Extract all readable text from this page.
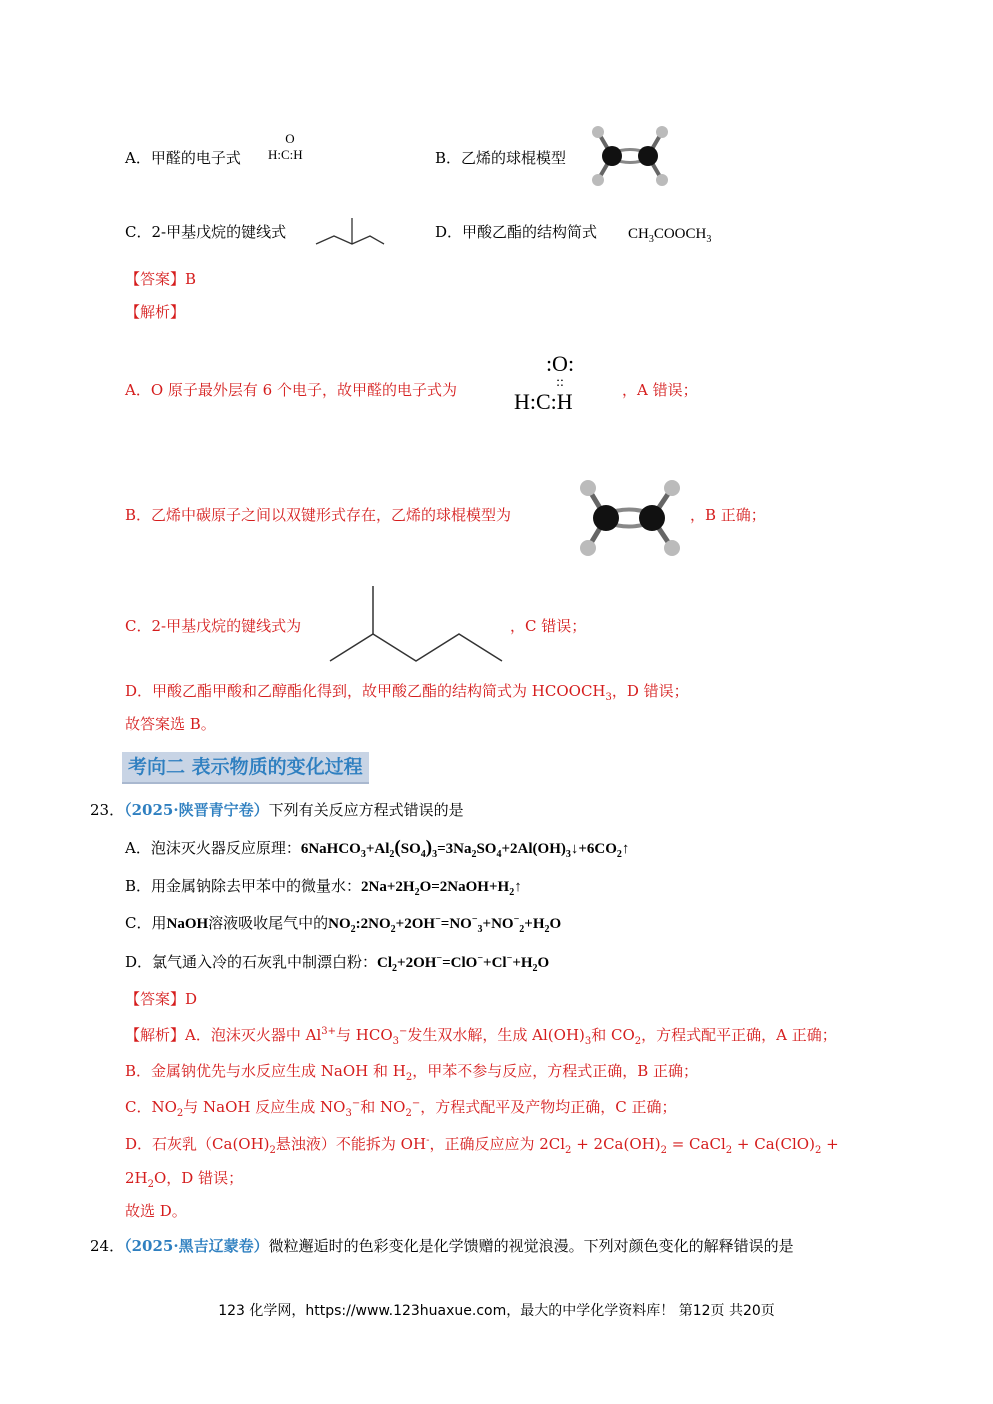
A．甲醛的电子式
O
H:C:H	B．乙烯的球棍模型
C．2-甲基戊烷的键线式	D．甲酸乙酯的结构简式 $CH_3COOCH_3$
【答案】B
【解析】
A．O 原子最外层有 6 个电子，故甲醛的电子式为
:O:
::
H:C:H	，A 错误；
B．乙烯中碳原子之间以双键形式存在，乙烯的球棍模型为	，B 正确；
C．2-甲基戊烷的键线式为	，C 错误；
D．甲酸乙酯甲酸和乙醇酯化得到，故甲酸乙酯的结构简式为 $HCOOCH_3$，D 错误；
故答案选 B。
考向二 表示物质的变化过程
23．（2025·陕晋青宁卷）下列有关反应方程式错误的是
A．泡沫灭火器反应原理：$6NaHCO_3+Al_2(SO_4)_3=3Na_2SO_4+2Al(OH)_3↓+6CO_2↑$
B．用金属钠除去甲苯中的微量水：$2Na+2H_2O=2NaOH+H_2↑$
C．用NaOH溶液吸收尾气中的$NO_2:2NO_2+2OH^-=NO^-_3+NO^-_2+H_2O$
D．氯气通入冷的石灰乳中制漂白粉：$Cl_2+2OH^-=ClO^-+Cl^-+H_2O$
【答案】D
【解析】A．泡沫灭火器中 $Al^{3+}$与 $HCO_3^-$发生双水解，生成 $Al(OH)_3$和 $CO_2$，方程式配平正确，A 正确；
B．金属钠优先与水反应生成 NaOH 和 $H_2$，甲苯不参与反应，方程式正确，B 正确；
C．$NO_2$与 NaOH 反应生成 $NO_3^-$和 $NO_2^-$，方程式配平及产物均正确，C 正确；
D．石灰乳（$Ca(OH)_2$悬浊液）不能拆为 OH-，正确反应应为 $2Cl_2 + 2Ca(OH)_2$ = CaCl$_2$ + $Ca(ClO)_2$ +
$2H_2O$，D 错误；
故选 D。
24．（2025·黑吉辽蒙卷）微粒邂逅时的色彩变化是化学馈赠的视觉浪漫。下列对颜色变化的解释错误的是
123 化学网，https://www.123huaxue.com，最大的中学化学资料库！ 第12页 共20页
